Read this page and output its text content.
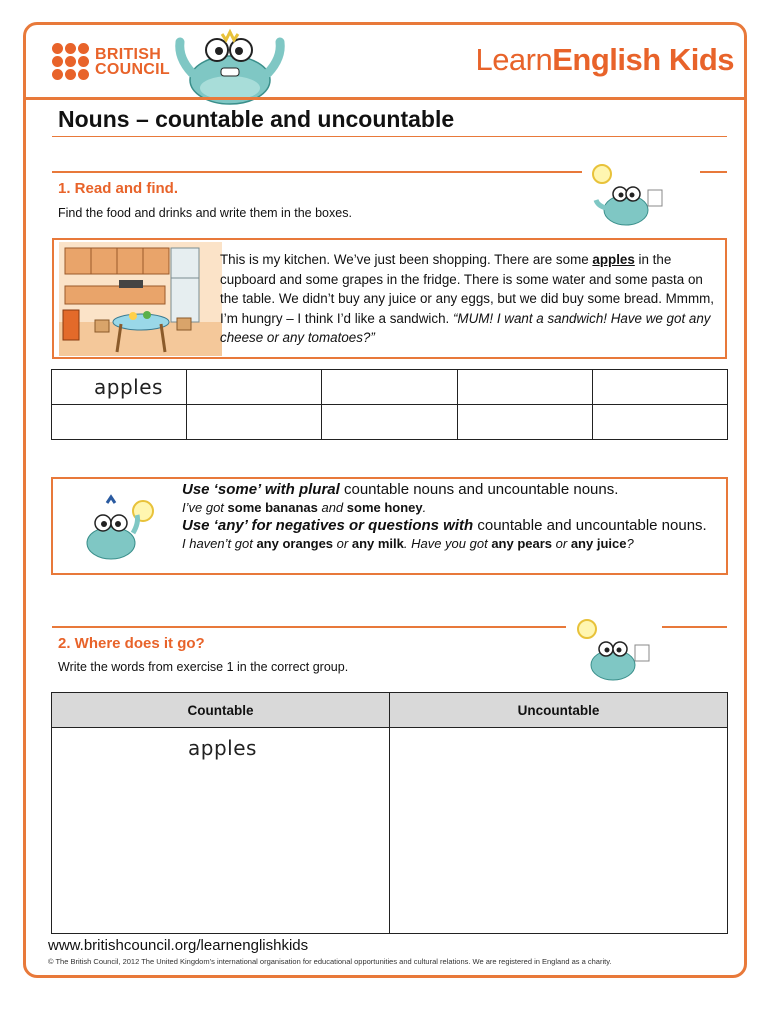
BRITISH
COUNCIL	LearnEnglish Kids
Nouns – countable and uncountable
1. Read and find.
Find the food and drinks and write them in the boxes.
This is my kitchen. We’ve just been shopping. There are some apples in the cupboard and some grapes in the fridge. There is some water and some pasta on the table. We didn’t buy any juice or any eggs, but we did buy some bread. Mmmm, I’m hungry – I think I’d like a sandwich. “MUM! I want a sandwich! Have we got any cheese or any tomatoes?”
apples				

Use ‘some’ with plural countable nouns and uncountable nouns.
I’ve got some bananas and some honey.
Use ‘any’ for negatives or questions with countable and uncountable nouns.
I haven’t got any oranges or any milk. Have you got any pears or any juice?
2. Where does it go?
Write the words from exercise 1 in the correct group.
Countable	Uncountable

apples	

www.britishcouncil.org/learnenglishkids
© The British Council, 2012 The United Kingdom’s international organisation for educational opportunities and cultural relations. We are registered in England as a charity.
